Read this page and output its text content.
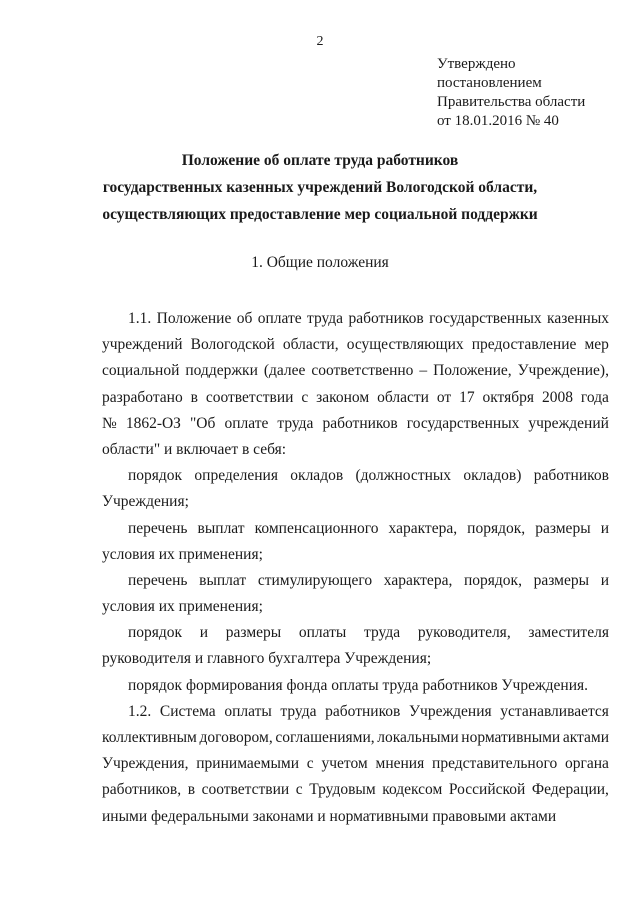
2
Утверждено
постановлением
Правительства области
от 18.01.2016 № 40
Положение об оплате труда работников
государственных казенных учреждений Вологодской области,
осуществляющих предоставление мер социальной поддержки
1. Общие положения
1.1. Положение об оплате труда работников государственных казенных
учреждений Вологодской области, осуществляющих предоставление мер
социальной поддержки (далее соответственно – Положение, Учреждение),
разработано в соответствии с законом области от 17 октября 2008 года
№ 1862-ОЗ "Об оплате труда работников государственных учреждений
области" и включает в себя:
порядок определения окладов (должностных окладов) работников
Учреждения;
перечень выплат компенсационного характера, порядок, размеры и
условия их применения;
перечень выплат стимулирующего характера, порядок, размеры и
условия их применения;
порядок и размеры оплаты труда руководителя, заместителя
руководителя и главного бухгалтера Учреждения;
порядок формирования фонда оплаты труда работников Учреждения.
1.2. Система оплаты труда работников Учреждения устанавливается
коллективным договором, соглашениями, локальными нормативными актами
Учреждения, принимаемыми с учетом мнения представительного органа
работников, в соответствии с Трудовым кодексом Российской Федерации,
иными федеральными законами и нормативными правовыми актами
